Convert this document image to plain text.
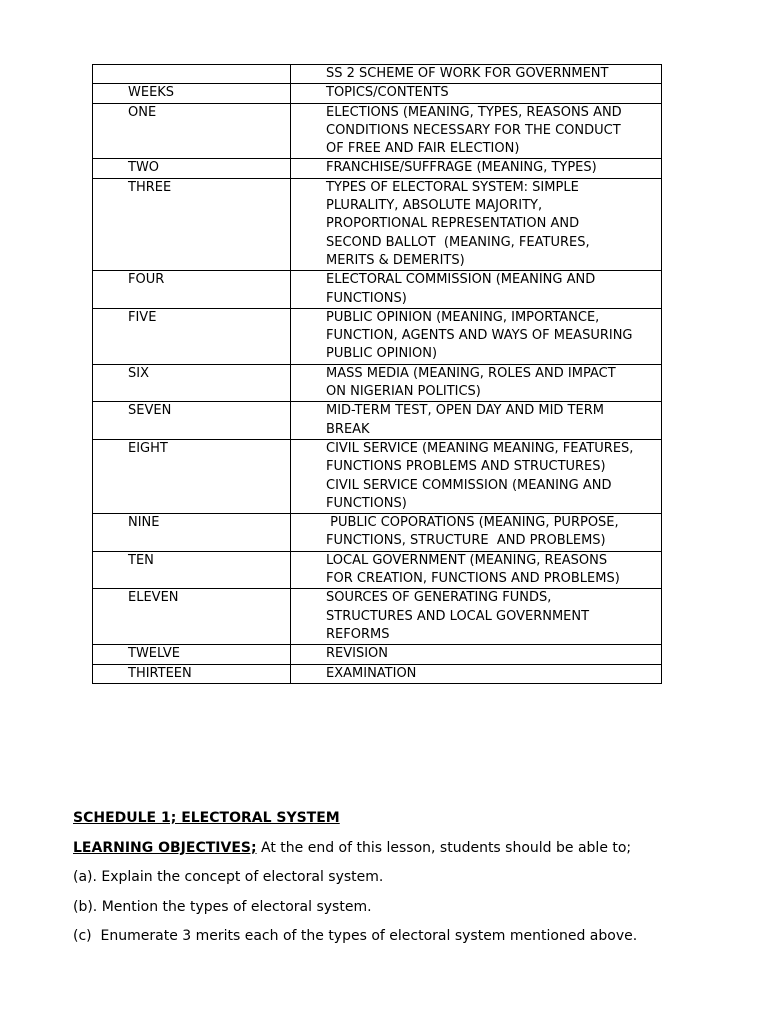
	SS 2 SCHEME OF WORK FOR GOVERNMENT
WEEKS	TOPICS/CONTENTS
ONE	ELECTIONS (MEANING, TYPES, REASONS AND
CONDITIONS NECESSARY FOR THE CONDUCT
OF FREE AND FAIR ELECTION)

TWO	FRANCHISE/SUFFRAGE (MEANING, TYPES)

THREE	TYPES OF ELECTORAL SYSTEM: SIMPLE
PLURALITY, ABSOLUTE MAJORITY,
PROPORTIONAL REPRESENTATION AND
SECOND BALLOT  (MEANING, FEATURES,
MERITS & DEMERITS)

FOUR	ELECTORAL COMMISSION (MEANING AND
FUNCTIONS)

FIVE	PUBLIC OPINION (MEANING, IMPORTANCE,
FUNCTION, AGENTS AND WAYS OF MEASURING
PUBLIC OPINION)

SIX	MASS MEDIA (MEANING, ROLES AND IMPACT
ON NIGERIAN POLITICS)

SEVEN	MID-TERM TEST, OPEN DAY AND MID TERM
BREAK

EIGHT	CIVIL SERVICE (MEANING MEANING, FEATURES,
FUNCTIONS PROBLEMS AND STRUCTURES)
CIVIL SERVICE COMMISSION (MEANING AND
FUNCTIONS)

NINE	PUBLIC COPORATIONS (MEANING, PURPOSE,
FUNCTIONS, STRUCTURE  AND PROBLEMS)

TEN	LOCAL GOVERNMENT (MEANING, REASONS
FOR CREATION, FUNCTIONS AND PROBLEMS)

ELEVEN	SOURCES OF GENERATING FUNDS,
STRUCTURES AND LOCAL GOVERNMENT
REFORMS

TWELVE	REVISION

THIRTEEN	EXAMINATION

SCHEDULE 1; ELECTORAL SYSTEM

LEARNING OBJECTIVES; At the end of this lesson, students should be able to;

(a). Explain the concept of electoral system.

(b). Mention the types of electoral system.

(c)  Enumerate 3 merits each of the types of electoral system mentioned above.
